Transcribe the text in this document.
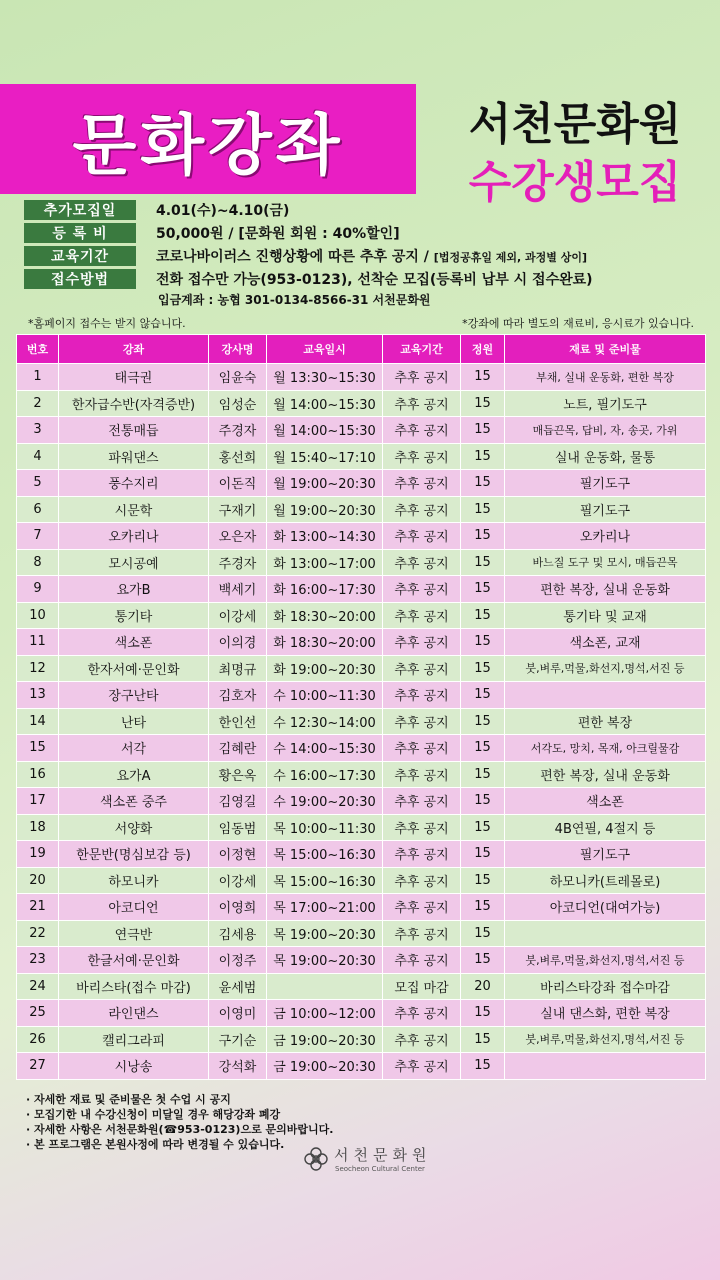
문화강좌	서천문화원
수강생모집
추가모집일	4.01(수)~4.10(금)
등 록 비	50,000원 / [문화원 회원 : 40%할인]
교육기간	코로나바이러스 진행상황에 따른 추후 공지 / [법정공휴일 제외, 과정별 상이]
접수방법	전화 접수만 가능(953-0123), 선착순 모집(등록비 납부 시 접수완료)
입금계좌 : 농협 301-0134-8566-31 서천문화원
*홈페이지 접수는 받지 않습니다.	*강좌에 따라 별도의 재료비, 응시료가 있습니다.
번호	강좌	강사명	교육일시	교육기간	정원	재료 및 준비물
1	태극권	임윤숙	월 13:30~15:30	추후 공지	15	부채, 실내 운동화, 편한 복장
2	한자급수반(자격증반)	임성순	월 14:00~15:30	추후 공지	15	노트, 필기도구
3	전통매듭	주경자	월 14:00~15:30	추후 공지	15	매듭끈목, 답비, 자, 송곳, 가위
4	파워댄스	홍선희	월 15:40~17:10	추후 공지	15	실내 운동화, 물통
5	풍수지리	이돈직	월 19:00~20:30	추후 공지	15	필기도구
6	시문학	구재기	월 19:00~20:30	추후 공지	15	필기도구
7	오카리나	오은자	화 13:00~14:30	추후 공지	15	오카리나
8	모시공예	주경자	화 13:00~17:00	추후 공지	15	바느질 도구 및 모시, 매듭끈목
9	요가B	백세기	화 16:00~17:30	추후 공지	15	편한 복장, 실내 운동화
10	통기타	이강세	화 18:30~20:00	추후 공지	15	통기타 및 교재
11	색소폰	이의경	화 18:30~20:00	추후 공지	15	색소폰, 교재
12	한자서예·문인화	최명규	화 19:00~20:30	추후 공지	15	붓,벼루,먹물,화선지,명석,서진 등
13	장구난타	김호자	수 10:00~11:30	추후 공지	15	
14	난타	한인선	수 12:30~14:00	추후 공지	15	편한 복장
15	서각	김혜란	수 14:00~15:30	추후 공지	15	서각도, 망치, 목재, 아크릴물감
16	요가A	황은옥	수 16:00~17:30	추후 공지	15	편한 복장, 실내 운동화
17	색소폰 중주	김영길	수 19:00~20:30	추후 공지	15	색소폰
18	서양화	임동범	목 10:00~11:30	추후 공지	15	4B연필, 4절지 등
19	한문반(명심보감 등)	이정현	목 15:00~16:30	추후 공지	15	필기도구
20	하모니카	이강세	목 15:00~16:30	추후 공지	15	하모니카(트레몰로)
21	아코디언	이영희	목 17:00~21:00	추후 공지	15	아코디언(대여가능)
22	연극반	김세용	목 19:00~20:30	추후 공지	15	
23	한글서예·문인화	이정주	목 19:00~20:30	추후 공지	15	붓,벼루,먹물,화선지,명석,서진 등
24	바리스타(접수 마감)	윤세범		모집 마감	20	바리스타강좌 접수마감
25	라인댄스	이영미	금 10:00~12:00	추후 공지	15	실내 댄스화, 편한 복장
26	캘리그라피	구기순	금 19:00~20:30	추후 공지	15	붓,벼루,먹물,화선지,명석,서진 등
27	시낭송	강석화	금 19:00~20:30	추후 공지	15	
· 자세한 재료 및 준비물은 첫 수업 시 공지
· 모집기한 내 수강신청이 미달일 경우 해당강좌 폐강
· 자세한 사항은 서천문화원(☎953-0123)으로 문의바랍니다.
· 본 프로그램은 본원사정에 따라 변경될 수 있습니다.
서천문화원
Seocheon Cultural Center
